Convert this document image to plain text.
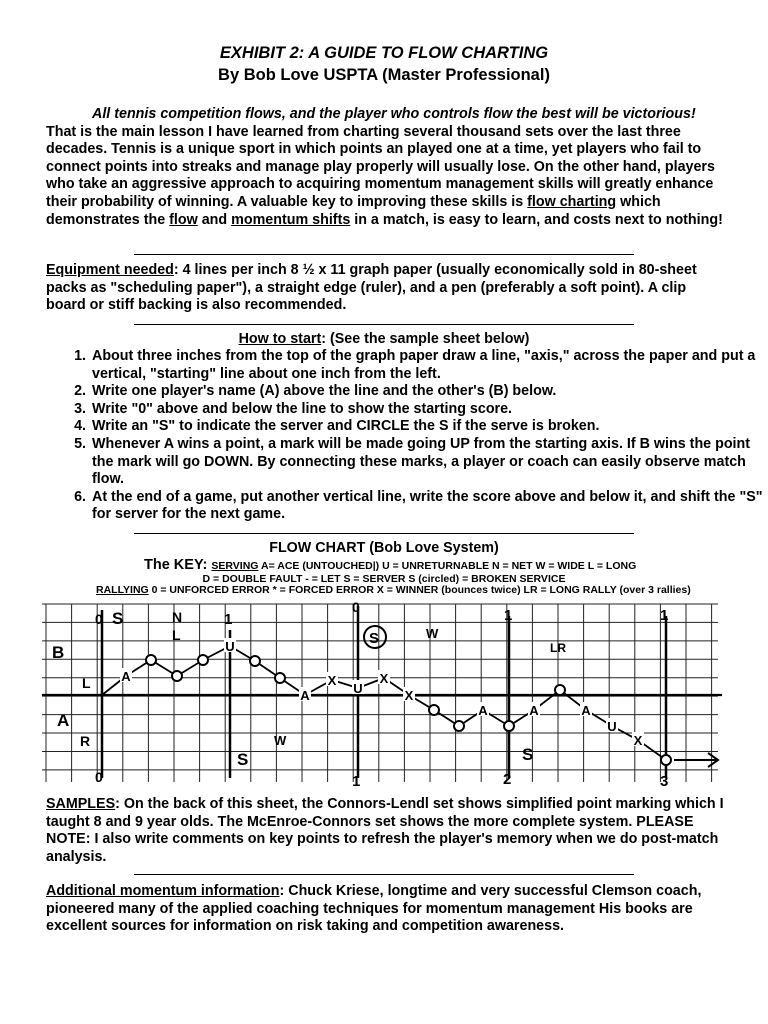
EXHIBIT 2: A GUIDE TO FLOW CHARTING
By Bob Love USPTA (Master Professional)
All tennis competition flows, and the player who controls flow the best will be victorious! That is the main lesson I have learned from charting several thousand sets over the last three decades. Tennis is a unique sport in which points an played one at a time, yet players who fail to connect points into streaks and manage play properly will usually lose. On the other hand, players who take an aggressive approach to acquiring momentum management skills will greatly enhance their probability of winning. A valuable key to improving these skills is flow charting which demonstrates the flow and momentum shifts in a match, is easy to learn, and costs next to nothing!
Equipment needed: 4 lines per inch 8 ½ x 11 graph paper (usually economically sold in 80-sheet packs as "scheduling paper"), a straight edge (ruler), and a pen (preferably a soft point). A clip board or stiff backing is also recommended.
How to start: (See the sample sheet below)
1. About three inches from the top of the graph paper draw a line, "axis," across the paper and put a vertical, "starting" line about one inch from the left.
2. Write one player's name (A) above the line and the other's (B) below.
3. Write "0" above and below the line to show the starting score.
4. Write an "S" to indicate the server and CIRCLE the S if the serve is broken.
5. Whenever A wins a point, a mark will be made going UP from the starting axis. If B wins the point the mark will go DOWN. By connecting these marks, a player or coach can easily observe match flow.
6. At the end of a game, put another vertical line, write the score above and below it, and shift the "S" for server for the next game.
FLOW CHART (Bob Love System)
The KEY: SERVING A= ACE (UNTOUCHED|) U = UNRETURNABLE N = NET W = WIDE L = LONG
D = DOUBLE FAULT - = LET S = SERVER S (circled) = BROKEN SERVICE
RALLYING 0 = UNFORCED ERROR * = FORCED ERROR X = WINNER (bounces twice) LR = LONG RALLY (over 3 rallies)
0 S
B
L
A
R
0
N
L
1
S
W
0
S	W
1
1
S
2
LR
1
3
A
U
A
X
U
X
X
A	A	A
U
X
SAMPLES: On the back of this sheet, the Connors-Lendl set shows simplified point marking which I taught 8 and 9 year olds. The McEnroe-Connors set shows the more complete system. PLEASE NOTE: I also write comments on key points to refresh the player's memory when we do post-match analysis.
Additional momentum information: Chuck Kriese, longtime and very successful Clemson coach, pioneered many of the applied coaching techniques for momentum management His books are excellent sources for information on risk taking and competition awareness.
